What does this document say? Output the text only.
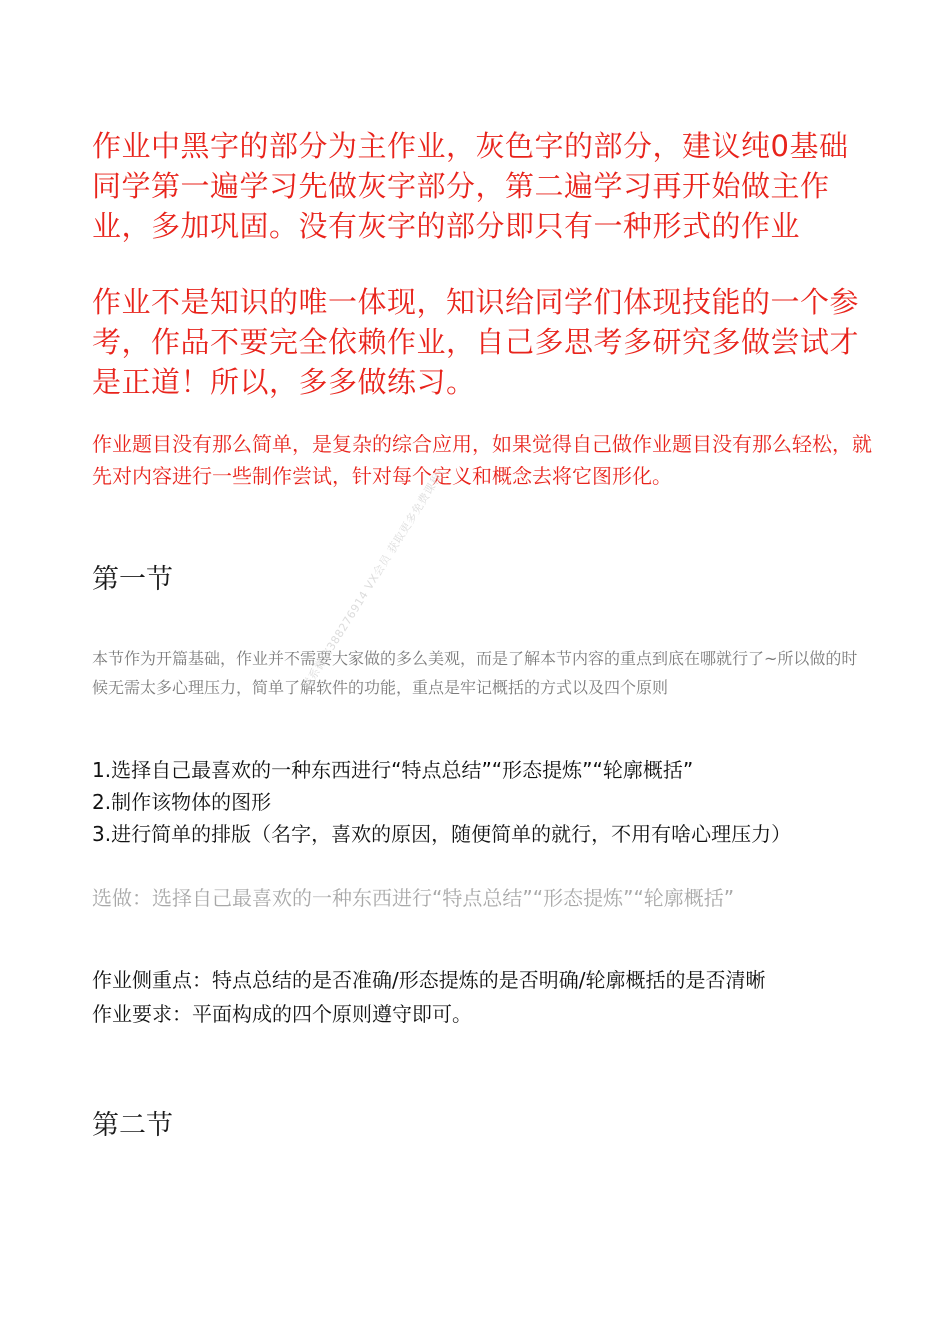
作业中黑字的部分为主作业，灰色字的部分，建议纯0基础同学第一遍学习先做灰字部分，第二遍学习再开始做主作业，多加巩固。没有灰字的部分即只有一种形式的作业

作业不是知识的唯一体现，知识给同学们体现技能的一个参考，作品不要完全依赖作业，自己多思考多研究多做尝试才是正道！所以，多多做练习。

作业题目没有那么简单，是复杂的综合应用，如果觉得自己做作业题目没有那么轻松，就先对内容进行一些制作尝试，针对每个定义和概念去将它图形化。

第一节

本节作为开篇基础，作业并不需要大家做的多么美观，而是了解本节内容的重点到底在哪就行了~所以做的时候无需太多心理压力，简单了解软件的功能，重点是牢记概括的方式以及四个原则

1.选择自己最喜欢的一种东西进行“特点总结”“形态提炼”“轮廓概括”
2.制作该物体的图形
3.进行简单的排版（名字，喜欢的原因，随便简单的就行，不用有啥心理压力）

选做：选择自己最喜欢的一种东西进行“特点总结”“形态提炼”“轮廓概括”

作业侧重点：特点总结的是否准确/形态提炼的是否明确/轮廓概括的是否清晰

作业要求：平面构成的四个原则遵守即可。

第二节
联系微信3882769​14 VX会员 获取更多免费课程!
